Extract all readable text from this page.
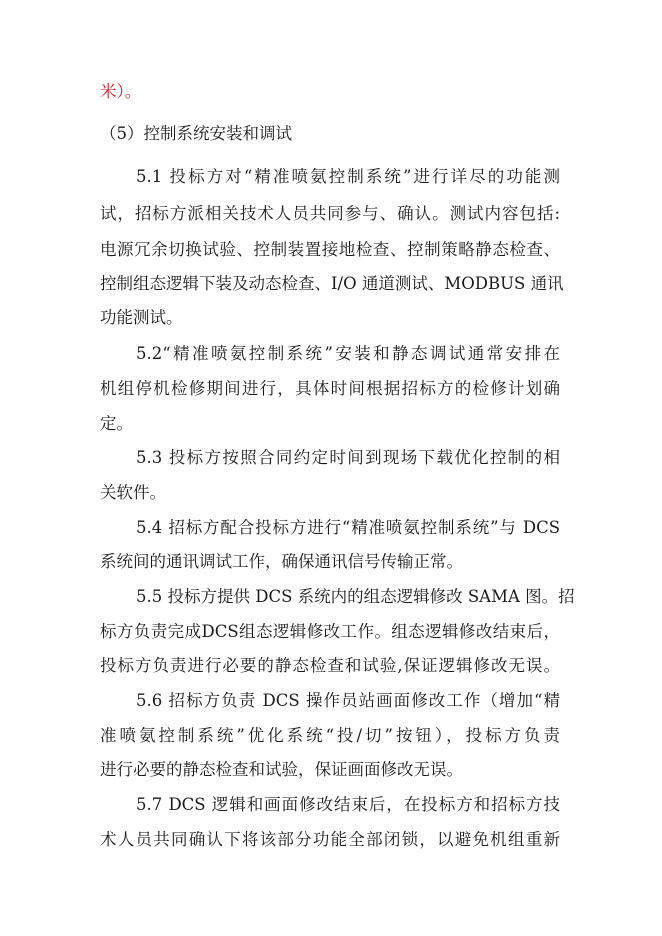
米）。
（5）控制系统安装和调试
5.1 投标方对“精准喷氨控制系统”进行详尽的功能测
试，招标方派相关技术人员共同参与、确认。测试内容包括:
电源冗余切换试验、控制装置接地检查、控制策略静态检查、
控制组态逻辑下装及动态检查、I/O 通道测试、MODBUS 通讯
功能测试。
5.2“精准喷氨控制系统”安装和静态调试通常安排在
机组停机检修期间进行，具体时间根据招标方的检修计划确
定。
5.3 投标方按照合同约定时间到现场下载优化控制的相
关软件。
5.4 招标方配合投标方进行“精准喷氨控制系统”与 DCS
系统间的通讯调试工作，确保通讯信号传输正常。
5.5 投标方提供 DCS 系统内的组态逻辑修改 SAMA 图。招
标方负责完成DCS组态逻辑修改工作。组态逻辑修改结束后，
投标方负责进行必要的静态检查和试验,保证逻辑修改无误。
5.6 招标方负责 DCS 操作员站画面修改工作（增加“精
准喷氨控制系统”优化系统“投/切”按钮），投标方负责
进行必要的静态检查和试验，保证画面修改无误。
5.7 DCS 逻辑和画面修改结束后，在投标方和招标方技
术人员共同确认下将该部分功能全部闭锁，以避免机组重新
